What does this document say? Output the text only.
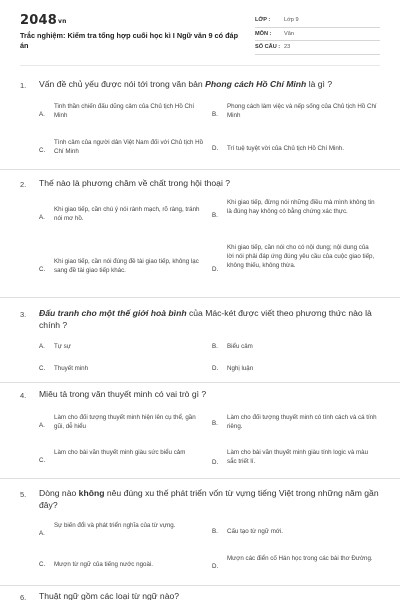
2048vn
Trắc nghiệm: Kiểm tra tổng hợp cuối học kì I Ngữ văn 9 có đáp án
LỚP : Lớp 9
MÔN : Văn
SỐ CÂU : 23
1. Vấn đề chủ yếu được nói tới trong văn bản Phong cách Hồ Chí Minh là gì ?
A.
Tinh thần chiến đấu dũng cảm của Chủ tịch Hồ Chí Minh	B.
Phong cách làm việc và nếp sống của Chủ tịch Hồ Chí Minh
C.
Tình cảm của người dân Việt Nam đối với Chủ tịch Hồ Chí Minh	D. Trí tuệ tuyệt vời của Chủ tịch Hồ Chí Minh.
2. Thế nào là phương châm về chất trong hội thoại ?
A.
Khi giao tiếp, cần chú ý nói rành mạch, rõ ràng, tránh nói mơ hồ.	B.
Khi giao tiếp, đừng nói những điều mà mình không tin là đúng hay không có bằng chứng xác thực.
C.
Khi giao tiếp, cần nói đúng đề tài giao tiếp, không lạc sang đề tài giao tiếp khác.	D.
Khi giao tiếp, cần nói cho có nội dung; nội dung của lời nói phải đáp ứng đúng yêu cầu của cuộc giao tiếp, không thiếu, không thừa.
3. Đấu tranh cho một thế giới hoà bình của Mác-két được viết theo phương thức nào là chính ?
A. Tự sự	B. Biểu cảm
C. Thuyết minh	D. Nghị luận
4. Miêu tả trong văn thuyết minh có vai trò gì ?
A.
Làm cho đối tượng thuyết minh hiện lên cụ thể, gần gũi, dễ hiểu	B.
Làm cho đối tượng thuyết minh có tính cách và cá tính riêng.
C.
Làm cho bài văn thuyết minh giàu sức biểu cảm
D.
Làm cho bài văn thuyết minh giàu tính logic và màu sắc triết lí.
5. Dòng nào không nêu đúng xu thế phát triển vốn từ vựng tiếng Việt trong những năm gần đây?
A.
Sự biến đổi và phát triển nghĩa của từ vựng.
B. Cấu tạo từ ngữ mới.
C. Mượn từ ngữ của tiếng nước ngoài.	D.
Mượn các điển cố Hán học trong các bài thơ Đường.
6. Thuật ngữ gồm các loại từ ngữ nào?
